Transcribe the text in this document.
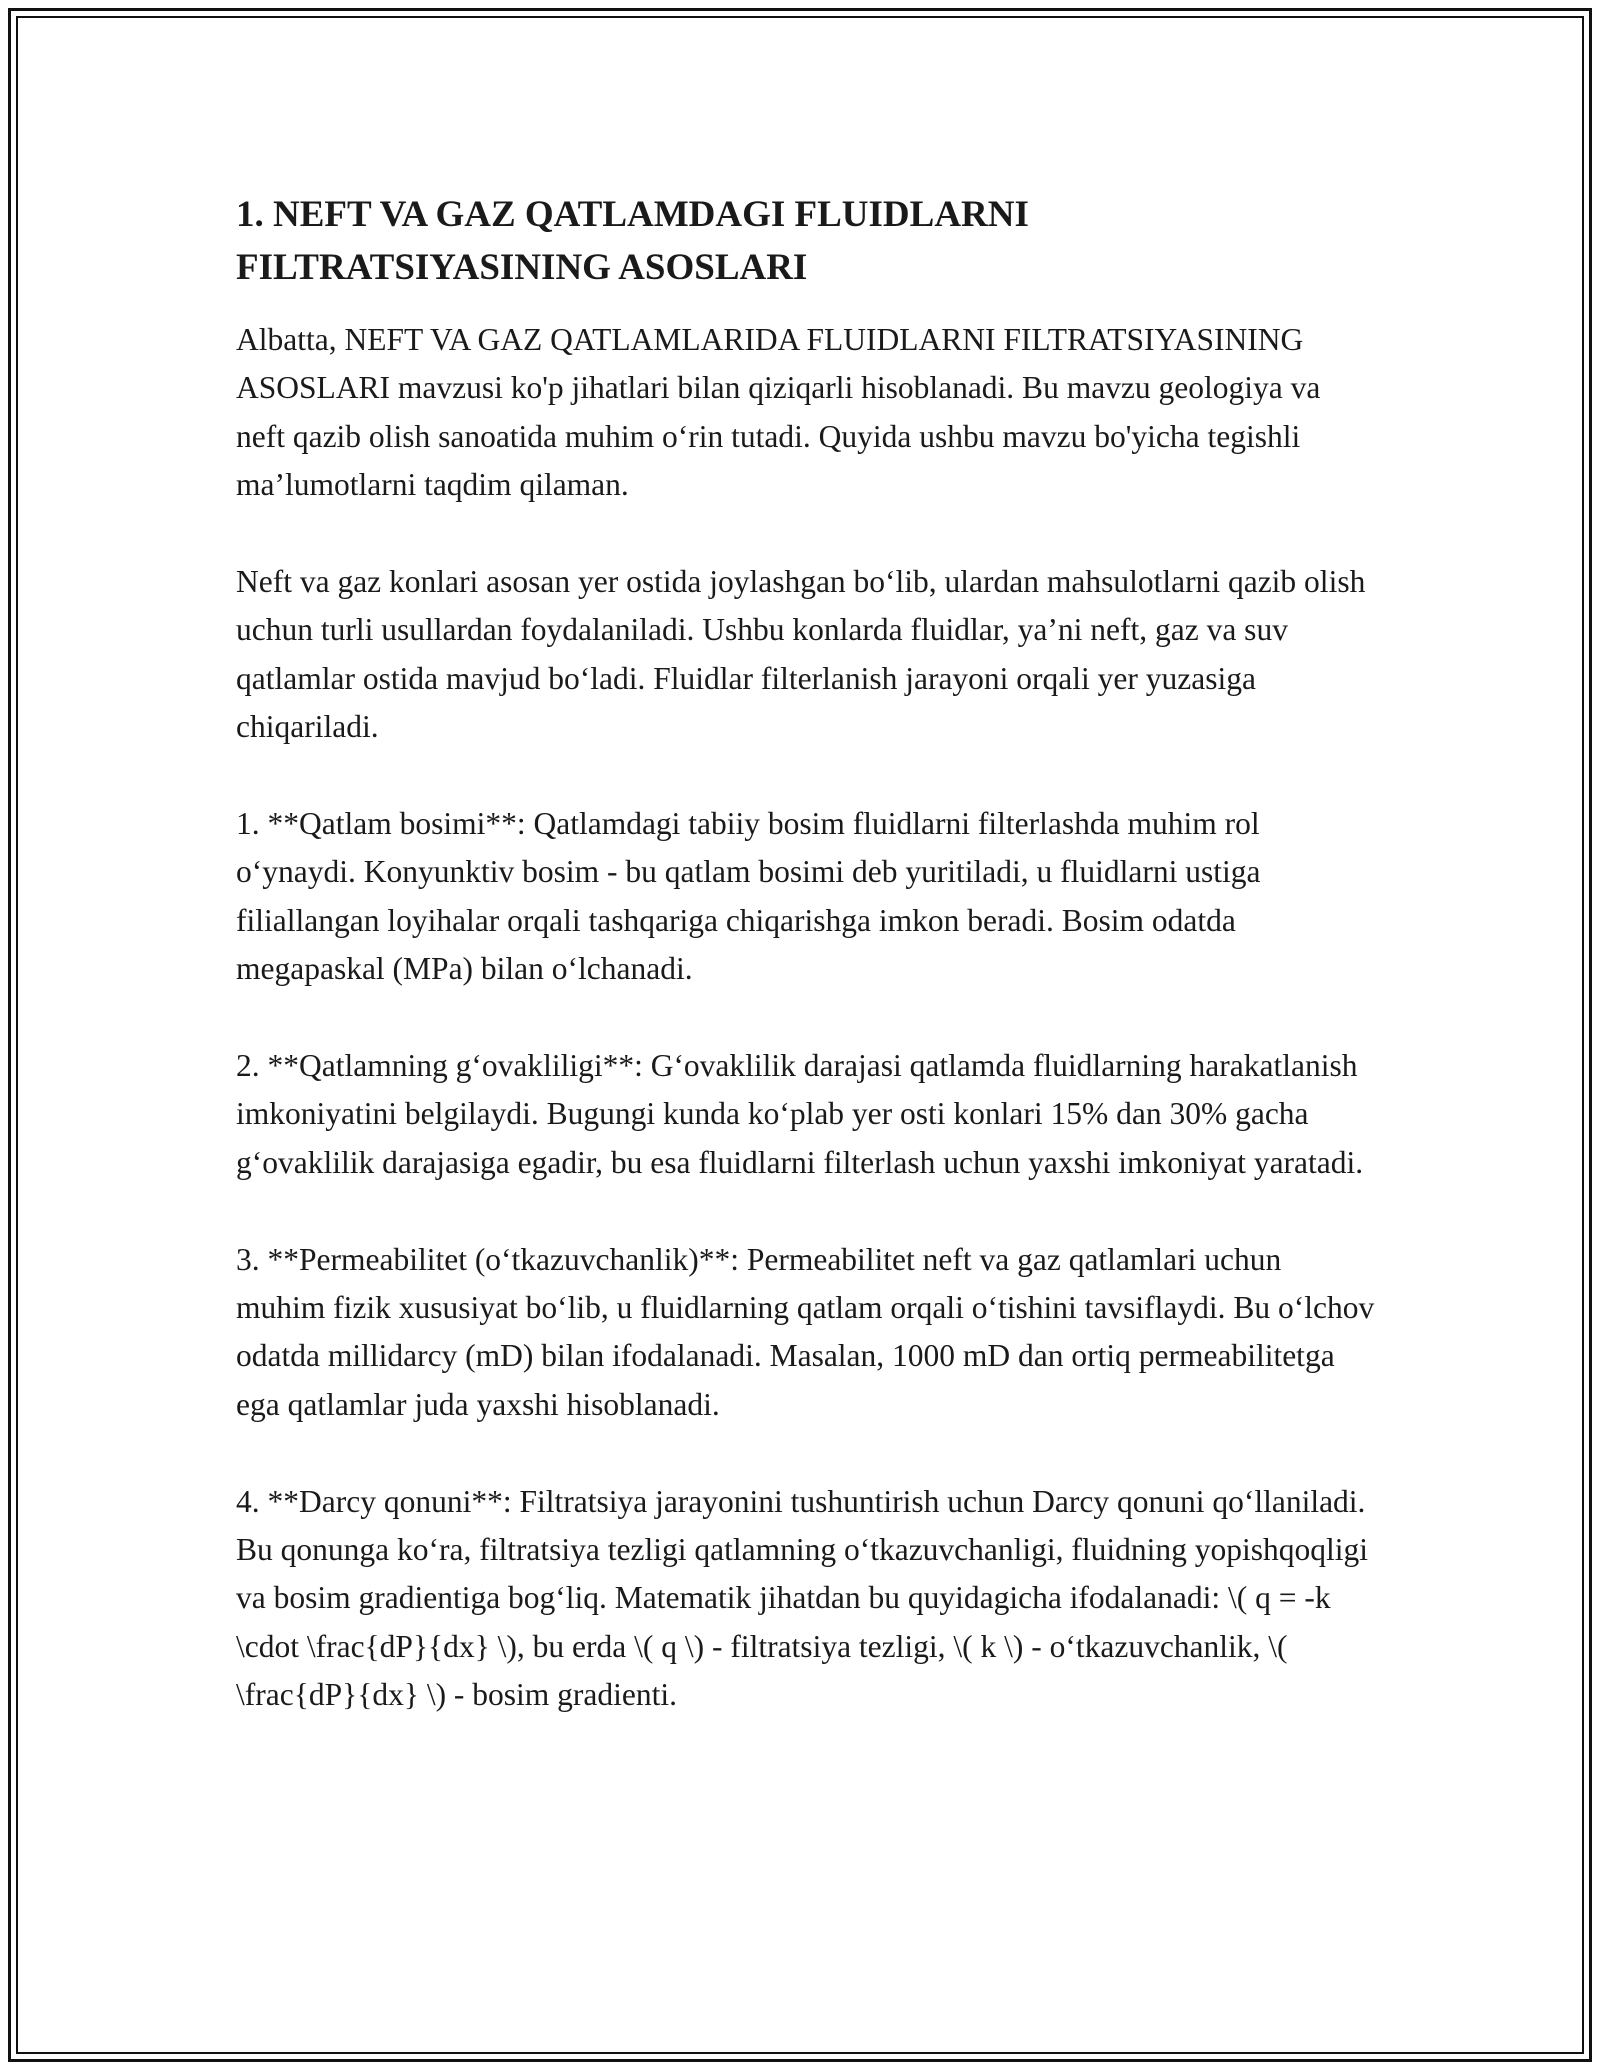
1. NEFT VA GAZ QATLAMDAGI FLUIDLARNI
FILTRATSIYASINING ASOSLARI

Albatta, NEFT VA GAZ QATLAMLARIDA FLUIDLARNI FILTRATSIYASINING ASOSLARI mavzusi ko'p jihatlari bilan qiziqarli hisoblanadi. Bu mavzu geologiya va neft qazib olish sanoatida muhim o‘rin tutadi. Quyida ushbu mavzu bo'yicha tegishli ma’lumotlarni taqdim qilaman.

Neft va gaz konlari asosan yer ostida joylashgan bo‘lib, ulardan mahsulotlarni qazib olish uchun turli usullardan foydalaniladi. Ushbu konlarda fluidlar, ya’ni neft, gaz va suv qatlamlar ostida mavjud bo‘ladi. Fluidlar filterlanish jarayoni orqali yer yuzasiga chiqariladi.

1. **Qatlam bosimi**: Qatlamdagi tabiiy bosim fluidlarni filterlashda muhim rol o‘ynaydi. Konyunktiv bosim - bu qatlam bosimi deb yuritiladi, u fluidlarni ustiga filiallangan loyihalar orqali tashqariga chiqarishga imkon beradi. Bosim odatda megapaskal (MPa) bilan o‘lchanadi.

2. **Qatlamning g‘ovakliligi**: G‘ovaklilik darajasi qatlamda fluidlarning harakatlanish imkoniyatini belgilaydi. Bugungi kunda ko‘plab yer osti konlari 15% dan 30% gacha g‘ovaklilik darajasiga egadir, bu esa fluidlarni filterlash uchun yaxshi imkoniyat yaratadi.

3. **Permeabilitet (o‘tkazuvchanlik)**: Permeabilitet neft va gaz qatlamlari uchun muhim fizik xususiyat bo‘lib, u fluidlarning qatlam orqali o‘tishini tavsiflaydi. Bu o‘lchov odatda millidarcy (mD) bilan ifodalanadi. Masalan, 1000 mD dan ortiq permeabilitetga ega qatlamlar juda yaxshi hisoblanadi.

4. **Darcy qonuni**: Filtratsiya jarayonini tushuntirish uchun Darcy qonuni qo‘llaniladi. Bu qonunga ko‘ra, filtratsiya tezligi qatlamning o‘tkazuvchanligi, fluidning yopishqoqligi va bosim gradientiga bog‘liq. Matematik jihatdan bu quyidagicha ifodalanadi: \( q = -k \cdot \frac{dP}{dx} \), bu erda \( q \) - filtratsiya tezligi, \( k \) - o‘tkazuvchanlik, \( \frac{dP}{dx} \) - bosim gradienti.
